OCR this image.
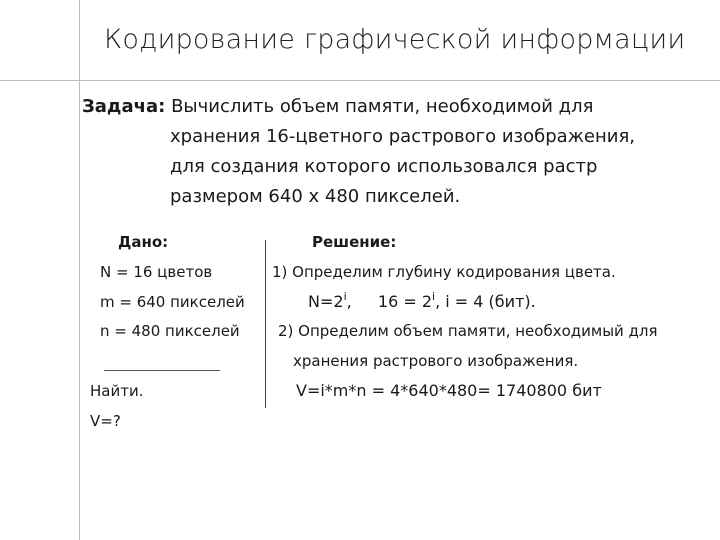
Кодирование графической информации
Задача: Вычислить объем памяти, необходимой для
хранения 16-цветного растрового изображения,
для создания которого использовался растр
размером 640 х 480 пикселей.
Дано:
N = 16 цветов
m = 640 пикселей
n = 480 пикселей
Найти.
V=?
Решение:
1) Определим глубину кодирования цвета.
$N=2^i$, $16 = 2^i$, i = 4 (бит).
2) Определим объем памяти, необходимый для
хранения растрового изображения.
V=i*m*n = 4*640*480= 1740800 бит
